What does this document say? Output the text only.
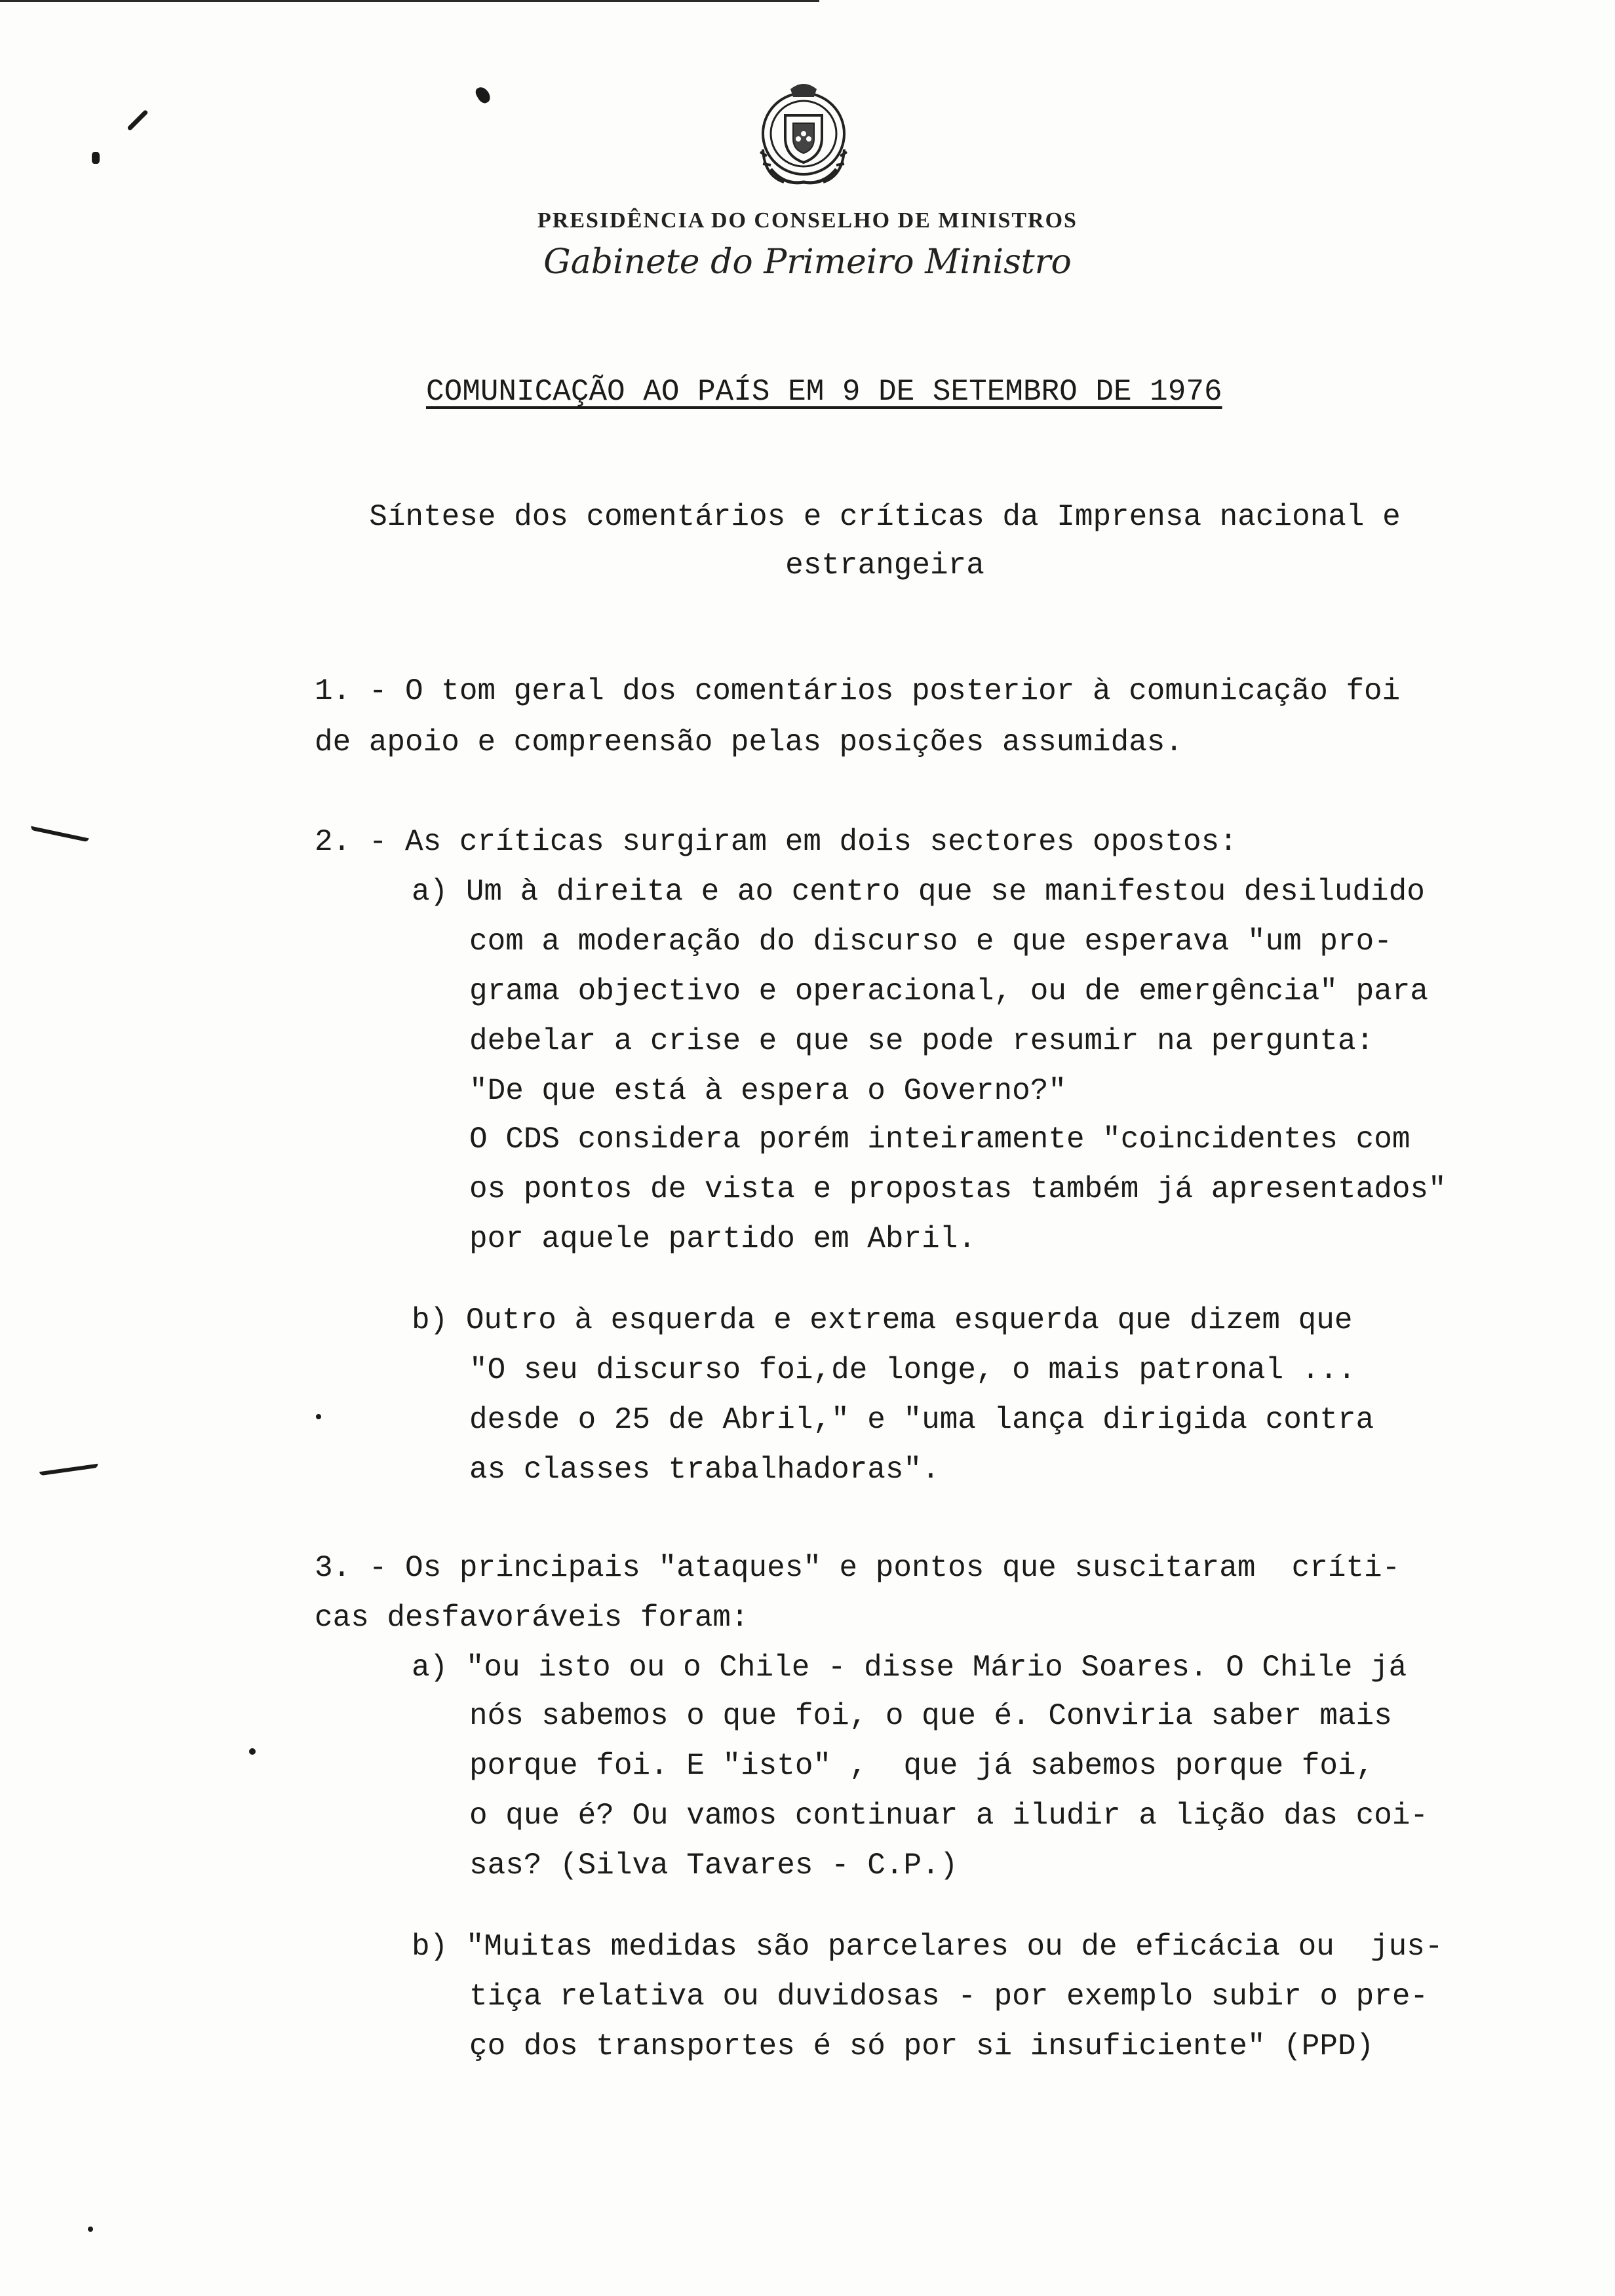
PRESIDÊNCIA DO CONSELHO DE MINISTROS
Gabinete do Primeiro Ministro
COMUNICAÇÃO AO PAÍS EM 9 DE SETEMBRO DE 1976
Síntese dos comentários e críticas da Imprensa nacional e estrangeira
1. - O tom geral dos comentários posterior à comunicação foi
de apoio e compreensão pelas posições assumidas.
2. - As críticas surgiram em dois sectores opostos:
a) Um à direita e ao centro que se manifestou desiludido
com a moderação do discurso e que esperava "um pro-
grama objectivo e operacional, ou de emergência" para
debelar a crise e que se pode resumir na pergunta:
"De que está à espera o Governo?"
O CDS considera porém inteiramente "coincidentes com
os pontos de vista e propostas também já apresentados"
por aquele partido em Abril.
b) Outro à esquerda e extrema esquerda que dizem que
"O seu discurso foi,de longe, o mais patronal ...
desde o 25 de Abril," e "uma lança dirigida contra
as classes trabalhadoras".
3. - Os principais "ataques" e pontos que suscitaram  críti-
cas desfavoráveis foram:
a) "ou isto ou o Chile - disse Mário Soares. O Chile já
nós sabemos o que foi, o que é. Conviria saber mais
porque foi. E "isto" ,  que já sabemos porque foi,
o que é? Ou vamos continuar a iludir a lição das coi-
sas? (Silva Tavares - C.P.)
b) "Muitas medidas são parcelares ou de eficácia ou  jus-
tiça relativa ou duvidosas - por exemplo subir o pre-
ço dos transportes é só por si insuficiente" (PPD)
